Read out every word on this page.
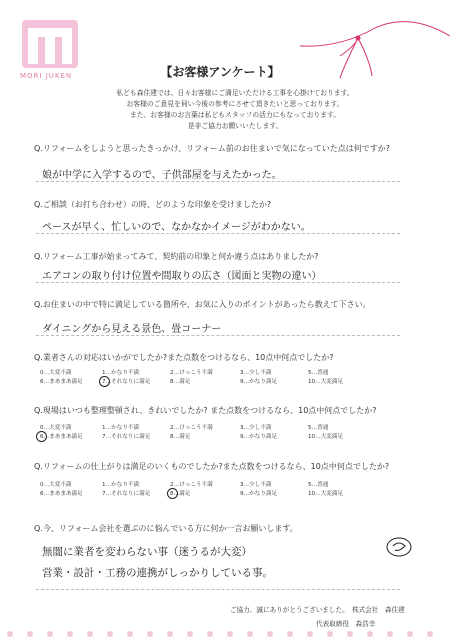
MORI JUKEN	【お客様アンケート】
私ども森住建では、日々お客様にご満足いただける工事を心掛けております。
お客様のご意見を伺い今後の参考にさせて頂きたいと思っております。
また、お客様のお言葉は私どもスタッフの活力にもなっております。
是非ご協力お願いいたします。
Q.リフォームをしようと思ったきっかけ、リフォーム前のお住まいで気になっていた点は何ですか?
娘が中学に入学するので、子供部屋を与えたかった。
Q.ご相談（お打ち合わせ）の時、どのような印象を受けましたか?
ペースが早く、忙しいので、なかなかイメージがわかない。
Q.リフォーム工事が始まってみて、契約前の印象と何か違う点はありましたか?
エアコンの取り付け位置や間取りの広さ（図面と実物の違い）
Q.お住まいの中で特に満足している箇所や、お気に入りのポイントがあったら教えて下さい。
ダイニングから見える景色、畳コーナー
Q.業者さんの対応はいかがでしたか?また点数をつけるなら、10点中何点でしたか?
0…大変不満	1…かなり不満	2…けっこう不満	3…少し不満	5…普通
6…まあまあ満足	7…それなりに満足	8…満足	9…かなり満足	10…大変満足
Q.現場はいつも整理整頓され、きれいでしたか? また点数をつけるなら、10点中何点でしたか?
0…大変不満	1…かなり不満	2…けっこう不満	3…少し不満	5…普通
6…まあまあ満足	7…それなりに満足	8…満足	9…かなり満足	10…大変満足
Q.リフォームの仕上がりは満足のいくものでしたか?また点数をつけるなら、10点中何点でしたか?
0…大変不満	1…かなり不満	2…けっこう不満	3…少し不満	5…普通
6…まあまあ満足	7…それなりに満足	8…満足	9…かなり満足	10…大変満足
Q.今、リフォーム会社を選ぶのに悩んでいる方に何か一言お願いします。
無闇に業者を変わらない事（迷うるが大変）
営業・設計・工務の連携がしっかりしている事。
ご協力、誠にありがとうございました。　株式会社　森住建
代表取締役　森浩幸
